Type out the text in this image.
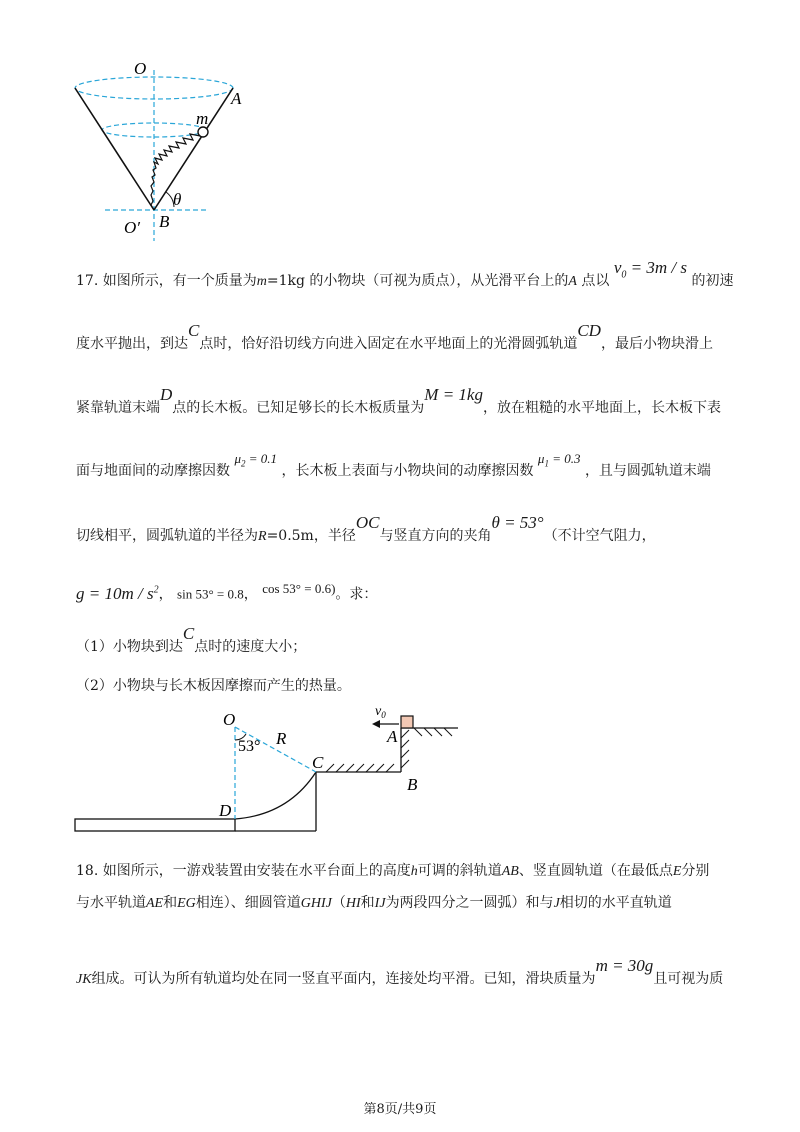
O
A
m
θ
O′ B
17. 如图所示，有一个质量为m=1kg 的小物块（可视为质点），从光滑平台上的A 点以 $v_0 = 3m / s$ 的初速
度水平抛出，到达C点时，恰好沿切线方向进入固定在水平地面上的光滑圆弧轨道CD，最后小物块滑上
紧靠轨道末端D点的长木板。已知足够长的长木板质量为M = 1kg，放在粗糙的水平地面上，长木板下表
面与地面间的动摩擦因数 $\mu_2 = 0.1$ ，长木板上表面与小物块间的动摩擦因数 $\mu_1 = 0.3$ ，且与圆弧轨道末端
切线相平，圆弧轨道的半径为R=0.5m，半径OC与竖直方向的夹角θ = 53°（不计空气阻力，
$g = 10m / s^2$， sin 53° = 0.8， cos 53° = 0.6)。求：
（1）小物块到达C点时的速度大小；
（2）小物块与长木板因摩擦而产生的热量。
O
53° R
C
D
$v_0$
A
B
18. 如图所示，一游戏装置由安装在水平台面上的高度h可调的斜轨道AB、竖直圆轨道（在最低点E分别
与水平轨道AE和EG相连）、细圆管道GHIJ（HI和IJ为两段四分之一圆弧）和与J相切的水平直轨道
JK组成。可认为所有轨道均处在同一竖直平面内，连接处均平滑。已知，滑块质量为m = 30g且可视为质
第8页/共9页
